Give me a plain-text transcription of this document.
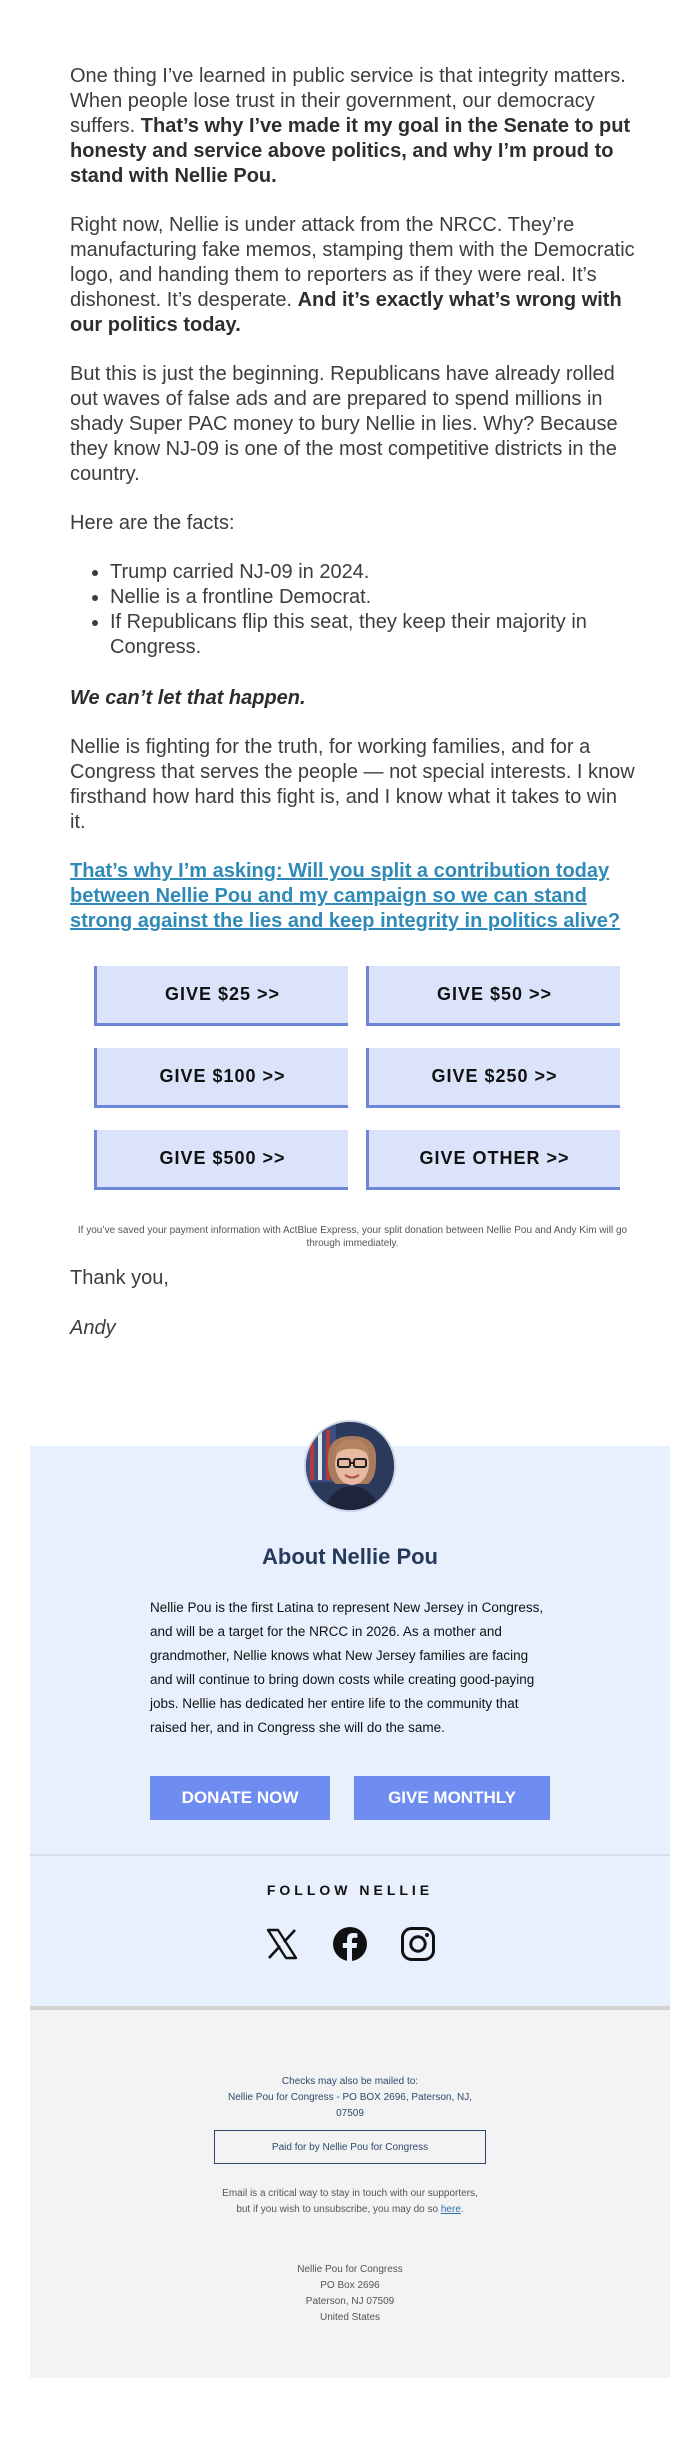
One thing I’ve learned in public service is that integrity matters. When people lose trust in their government, our democracy suffers. That’s why I’ve made it my goal in the Senate to put honesty and service above politics, and why I’m proud to stand with Nellie Pou.

Right now, Nellie is under attack from the NRCC. They’re manufacturing fake memos, stamping them with the Democratic logo, and handing them to reporters as if they were real. It’s dishonest. It’s desperate. And it’s exactly what’s wrong with our politics today.

But this is just the beginning. Republicans have already rolled out waves of false ads and are prepared to spend millions in shady Super PAC money to bury Nellie in lies. Why? Because they know NJ-09 is one of the most competitive districts in the country.

Here are the facts:

• Trump carried NJ-09 in 2024.
• Nellie is a frontline Democrat.
• If Republicans flip this seat, they keep their majority in Congress.

We can’t let that happen.

Nellie is fighting for the truth, for working families, and for a Congress that serves the people — not special interests. I know firsthand how hard this fight is, and I know what it takes to win it.

That’s why I’m asking: Will you split a contribution today between Nellie Pou and my campaign so we can stand strong against the lies and keep integrity in politics alive?
GIVE $25 >>	GIVE $50 >>
GIVE $100 >>	GIVE $250 >>
GIVE $500 >>	GIVE OTHER >>

If you’ve saved your payment information with ActBlue Express, your split donation between Nellie Pou and Andy Kim will go through immediately.

Thank you,

Andy

About Nellie Pou

Nellie Pou is the first Latina to represent New Jersey in Congress, and will be a target for the NRCC in 2026. As a mother and grandmother, Nellie knows what New Jersey families are facing and will continue to bring down costs while creating good-paying jobs. Nellie has dedicated her entire life to the community that raised her, and in Congress she will do the same.

DONATE NOW	GIVE MONTHLY
FOLLOW NELLIE
Checks may also be mailed to:
Nellie Pou for Congress - PO BOX 2696, Paterson, NJ,
07509
Paid for by Nellie Pou for Congress
Email is a critical way to stay in touch with our supporters, but if you wish to unsubscribe, you may do so here.
Nellie Pou for Congress
PO Box 2696
Paterson, NJ 07509
United States
